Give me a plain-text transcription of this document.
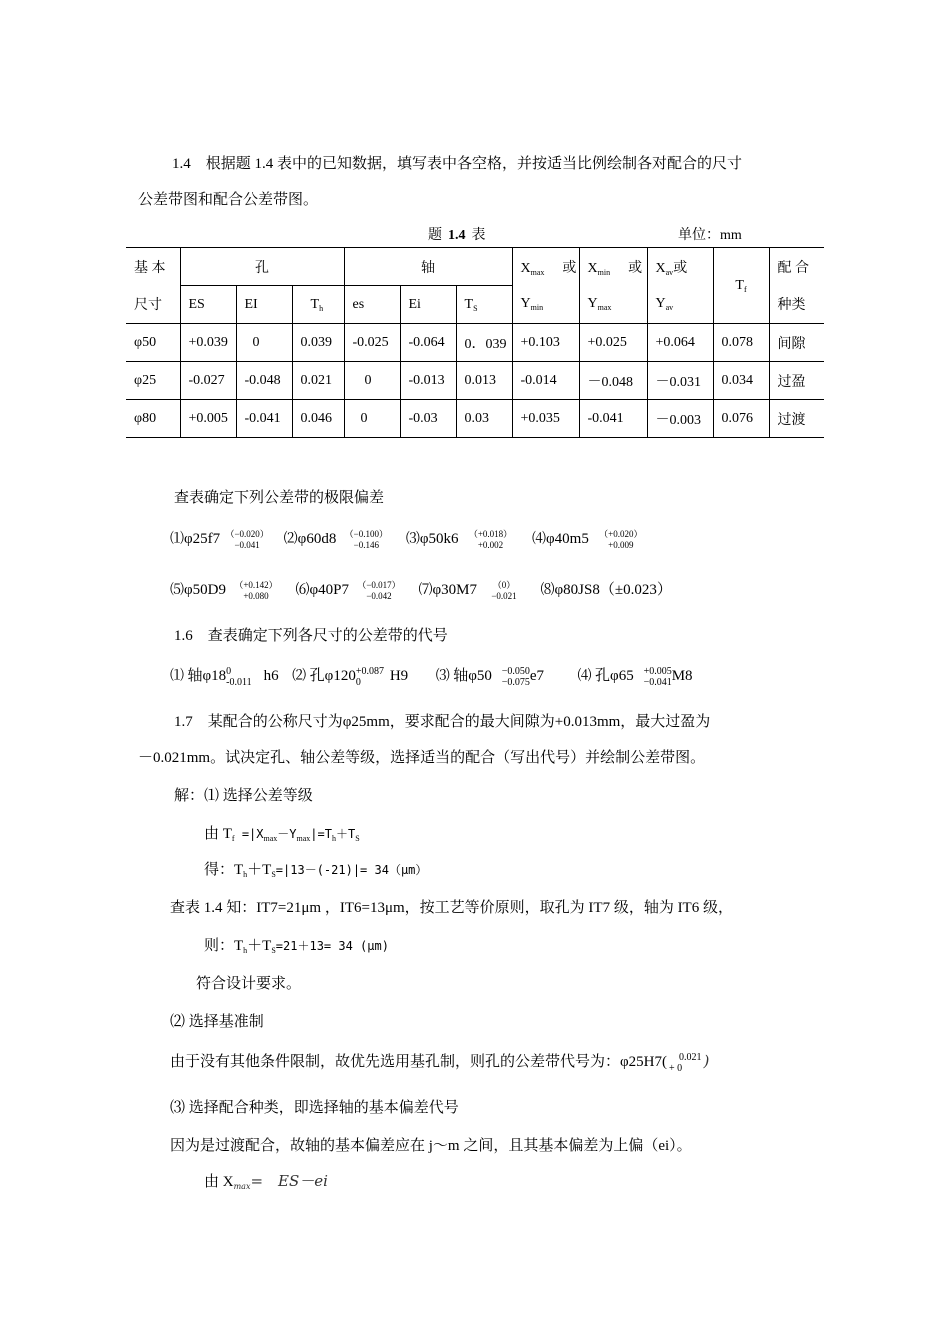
1.4　 根据题 1.4 表中的已知数据，填写表中各空格，并按适当比例绘制各对配合的尺寸
公差带图和配合公差带图。
题 1.4 表	单位：mm
基 本	孔			轴			$X_{max}$ 或	$X_{min}$ 或	$X_{av}$或	$T_f$	配 合
尺寸	ES	EI	$T_h$	es	Ei	$T_S$	$Y_{min}$	$Y_{max}$	$Y_{av}$		种类
φ50	+0.039	0	0.039	-0.025	-0.064	0．039	+0.103	+0.025	+0.064	0.078	间隙
φ25	-0.027	-0.048	0.021	0	-0.013	0.013	-0.014	－0.048	－0.031	0.034	过盈
φ80	+0.005	-0.041	0.046	0	-0.03	0.03	+0.035	-0.041	－0.003	0.076	过渡
查表确定下列公差带的极限偏差
⑴φ25f7 （−0.020）
−0.041	⑵φ60d8 （−0.100）
−0.146	⑶φ50k6 （+0.018）
+0.002	⑷φ40m5 （+0.020）
+0.009
⑸φ50D9 （+0.142）
+0.080	⑹φ40P7 （−0.017）
−0.042	⑺φ30M7 （0）
−0.021	⑻φ80JS8（±0.023）
1.6　查表确定下列各尺寸的公差带的代号
⑴ 轴φ18 0
-0.011 h6 ⑵ 孔φ120 +0.087
0	H9 ⑶ 轴φ50 −0.050
−0.075 e7 ⑷ 孔φ65 +0.005
−0.041 M8
1.7　某配合的公称尺寸为φ25mm，要求配合的最大间隙为+0.013mm，最大过盈为
－0.021mm。试决定孔、轴公差等级，选择适当的配合（写出代号）并绘制公差带图。
解：⑴ 选择公差等级
由 $T_f =|X_{max}-Y_{max}|=T_h+T_S$
得：$T_h+T_S=|13-(-21)|= 34(\mu m)$
查表 1.4 知：IT7=21μm ，IT6=13μm，按工艺等价原则，取孔为 IT7 级，轴为 IT6 级，
则：$T_h+T_S=21+13= 34$ (μm)
符合设计要求。
⑵ 选择基准制
由于没有其他条件限制，故优先选用基孔制，则孔的公差带代号为：φ25H7(	0.021
+ 0	)
⑶ 选择配合种类，即选择轴的基本偏差代号
因为是过渡配合，故轴的基本偏差应在 j～m 之间，且其基本偏差为上偏（ei）。
由 $X_{max}=$　ES－ei
